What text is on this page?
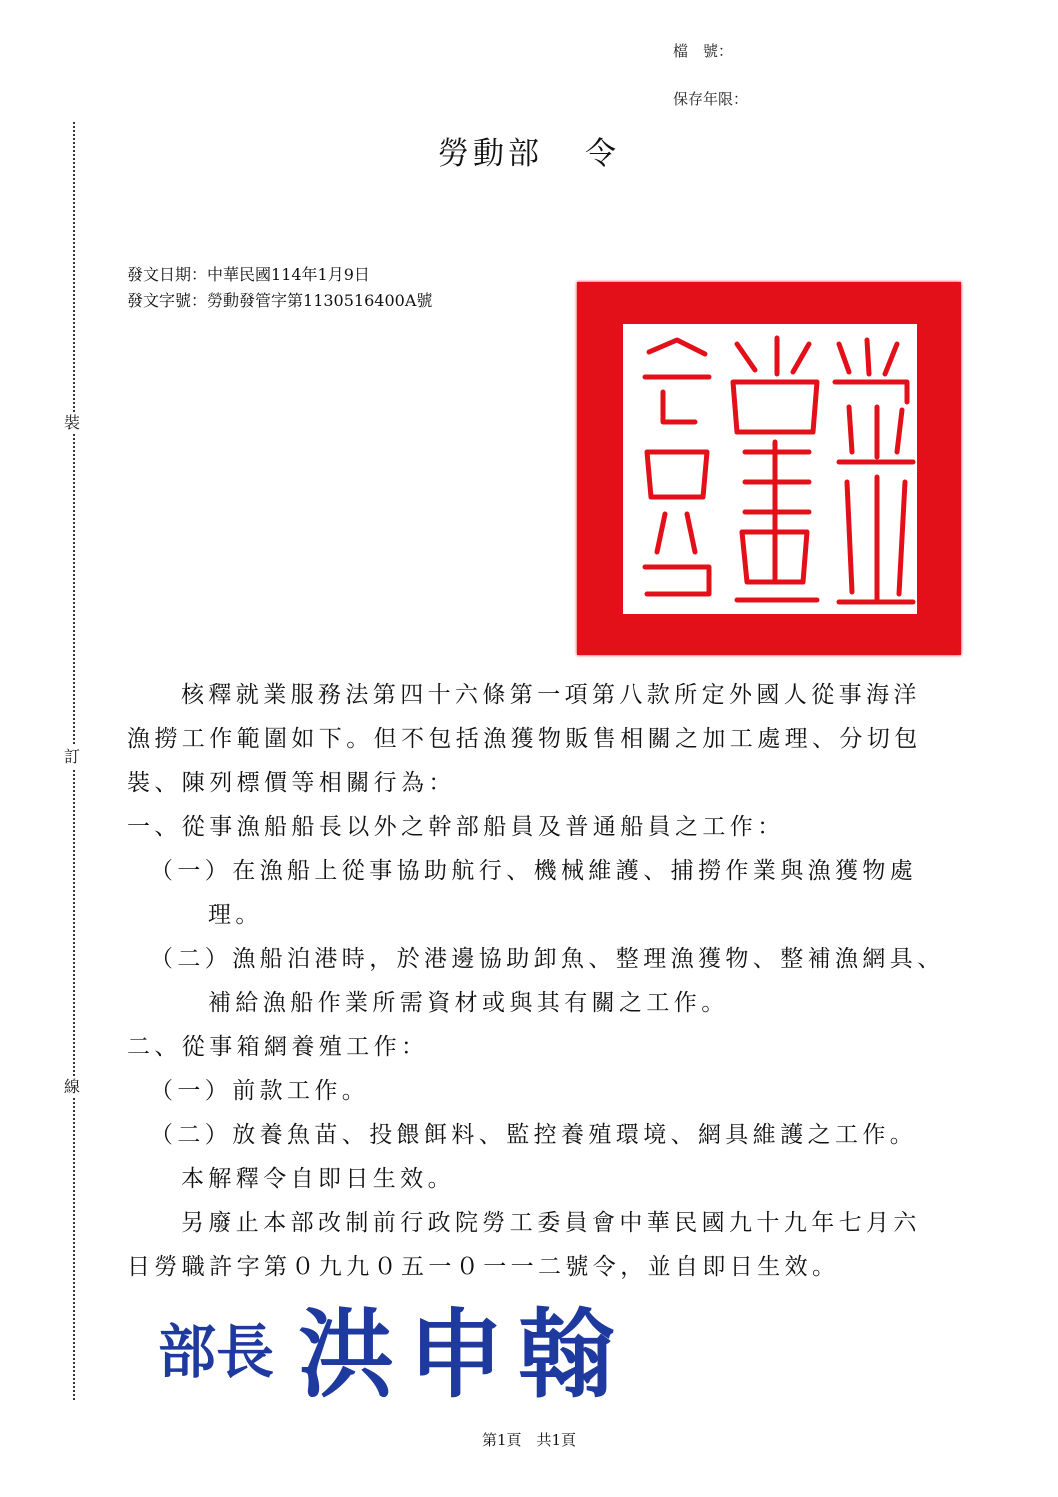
檔　號：
保存年限：
裝
訂
線
勞動部 令
發文日期：中華民國114年1月9日
發文字號：勞動發管字第1130516400A號
核釋就業服務法第四十六條第一項第八款所定外國人從事海洋
漁撈工作範圍如下。但不包括漁獲物販售相關之加工處理、分切包
裝、陳列標價等相關行為：
一、從事漁船船長以外之幹部船員及普通船員之工作：
（一）在漁船上從事協助航行、機械維護、捕撈作業與漁獲物處
理。
（二）漁船泊港時，於港邊協助卸魚、整理漁獲物、整補漁網具、
補給漁船作業所需資材或與其有關之工作。
二、從事箱網養殖工作：
（一）前款工作。
（二）放養魚苗、投餵餌料、監控養殖環境、網具維護之工作。
本解釋令自即日生效。
另廢止本部改制前行政院勞工委員會中華民國九十九年七月六
日勞職許字第０九九０五一０一一二號令，並自即日生效。
部長 洪申翰
第1頁　共1頁
